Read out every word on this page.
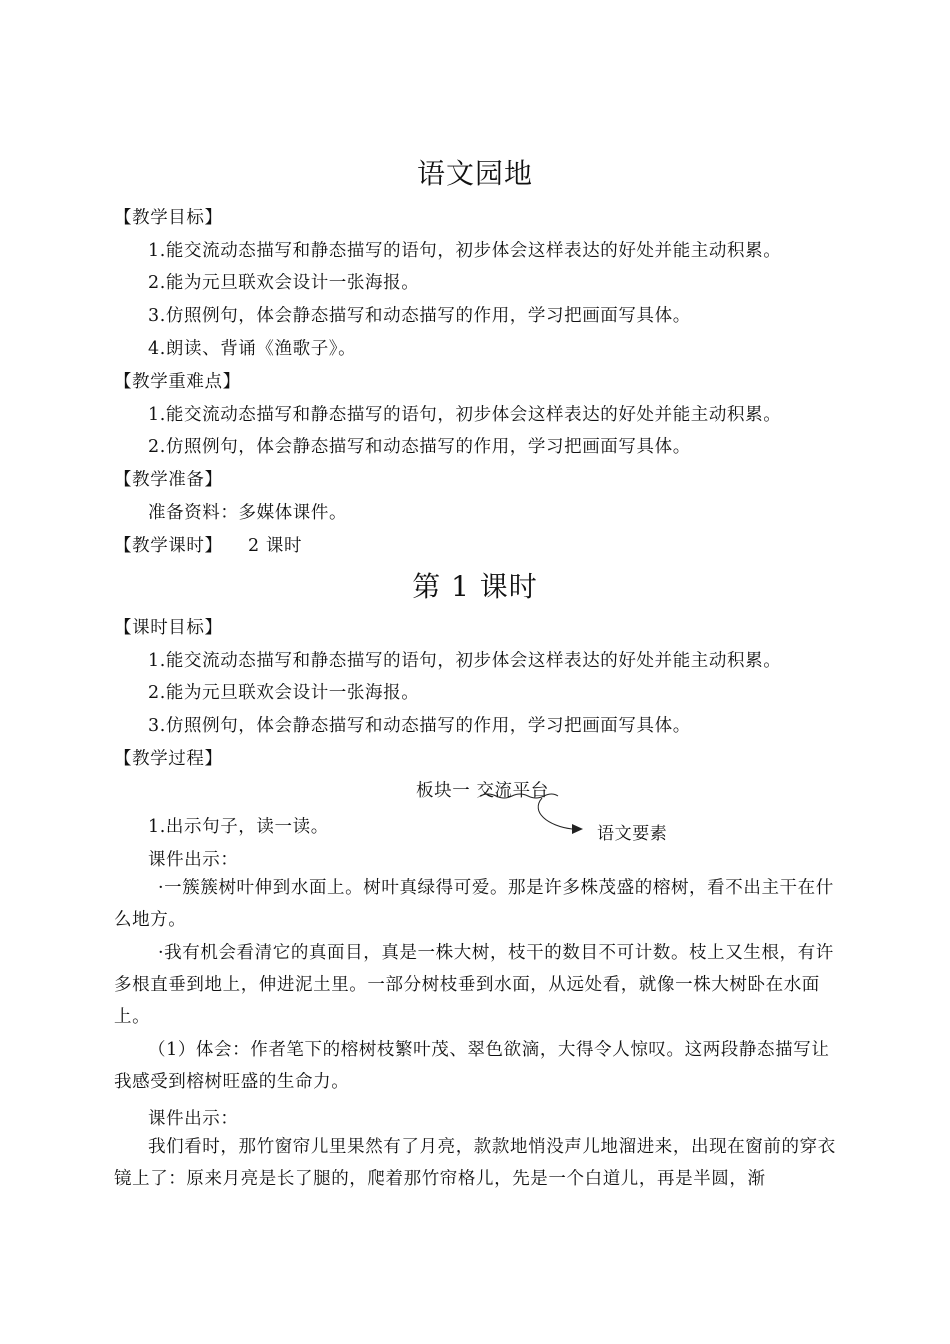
语文园地
【教学目标】
1.能交流动态描写和静态描写的语句，初步体会这样表达的好处并能主动积累。
2.能为元旦联欢会设计一张海报。
3.仿照例句，体会静态描写和动态描写的作用，学习把画面写具体。
4.朗读、背诵《渔歌子》。
【教学重难点】
1.能交流动态描写和静态描写的语句，初步体会这样表达的好处并能主动积累。
2.仿照例句，体会静态描写和动态描写的作用，学习把画面写具体。
【教学准备】
准备资料：多媒体课件。
【教学课时】 2 课时
第 1 课时
【课时目标】
1.能交流动态描写和静态描写的语句，初步体会这样表达的好处并能主动积累。
2.能为元旦联欢会设计一张海报。
3.仿照例句，体会静态描写和动态描写的作用，学习把画面写具体。
【教学过程】
板块一 交流平台
语文要素
1.出示句子，读一读。
课件出示：
·一簇簇树叶伸到水面上。树叶真绿得可爱。那是许多株茂盛的榕树，看不出主干在什么地方。
·我有机会看清它的真面目，真是一株大树，枝干的数目不可计数。枝上又生根，有许多根直垂到地上，伸进泥土里。一部分树枝垂到水面，从远处看，就像一株大树卧在水面上。
（1）体会：作者笔下的榕树枝繁叶茂、翠色欲滴，大得令人惊叹。这两段静态描写让我感受到榕树旺盛的生命力。
课件出示：
我们看时，那竹窗帘儿里果然有了月亮，款款地悄没声儿地溜进来，出现在窗前的穿衣镜上了：原来月亮是长了腿的，爬着那竹帘格儿，先是一个白道儿，再是半圆，渐
